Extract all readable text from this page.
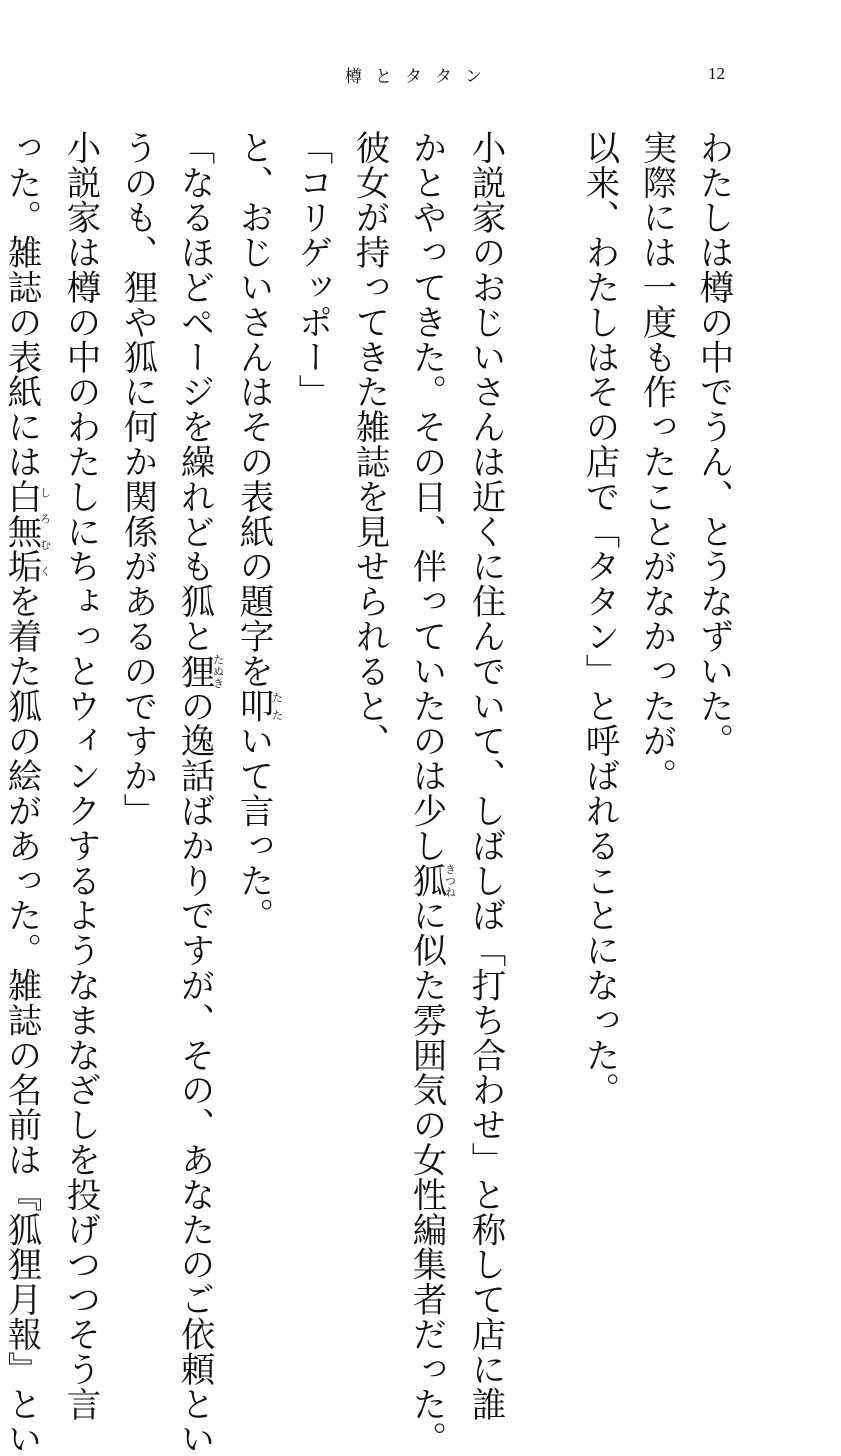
樽とタタン	12

わたしは樽の中でうん、とうなずいた。

実際には一度も作ったことがなかったが。

以来、わたしはその店で「タタン」と呼ばれることになった。

小説家のおじいさんは近くに住んでいて、しばしば「打ち合わせ」と称して店に誰

かとやってきた。その日、伴っていたのは少し狐きつねに似た雰囲気の女性編集者だった。

彼女が持ってきた雑誌を見せられると、

「コリゲッポー」

と、おじいさんはその表紙の題字を叩たたいて言った。

「なるほどページを繰れども狐と狸たぬきの逸話ばかりですが、その、あなたのご依頼とい

うのも、狸や狐に何か関係があるのですか」

小説家は樽の中のわたしにちょっとウィンクするようなまなざしを投げつつそう言

った。雑誌の表紙には白無垢しろむくを着た狐の絵があった。雑誌の名前は『狐狸月報』とい
